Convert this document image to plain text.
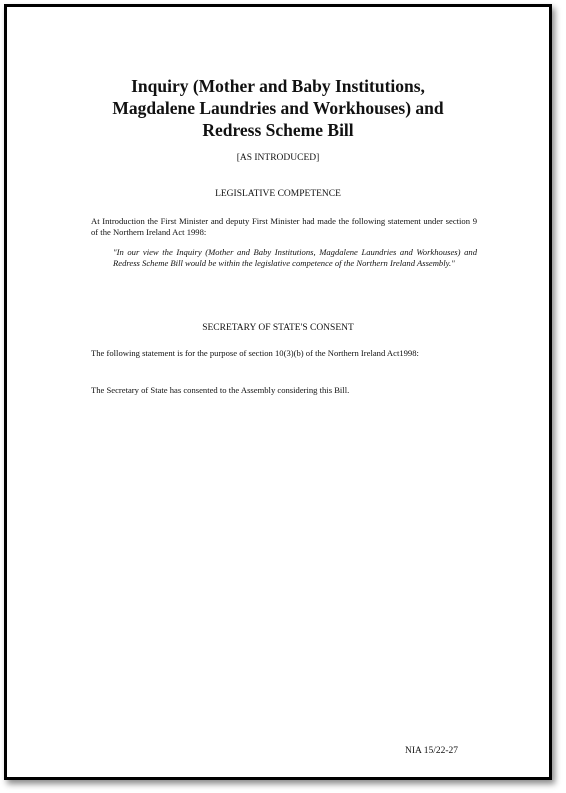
Inquiry (Mother and Baby Institutions,
Magdalene Laundries and Workhouses) and
Redress Scheme Bill

[AS INTRODUCED]

LEGISLATIVE COMPETENCE

At Introduction the First Minister and deputy First Minister had made the following statement under section 9 of the Northern Ireland Act 1998:

"In our view the Inquiry (Mother and Baby Institutions, Magdalene Laundries and Workhouses) and Redress Scheme Bill would be within the legislative competence of the Northern Ireland Assembly."

SECRETARY OF STATE'S CONSENT

The following statement is for the purpose of section 10(3)(b) of the Northern Ireland Act1998:

The Secretary of State has consented to the Assembly considering this Bill.

NIA 15/22-27
